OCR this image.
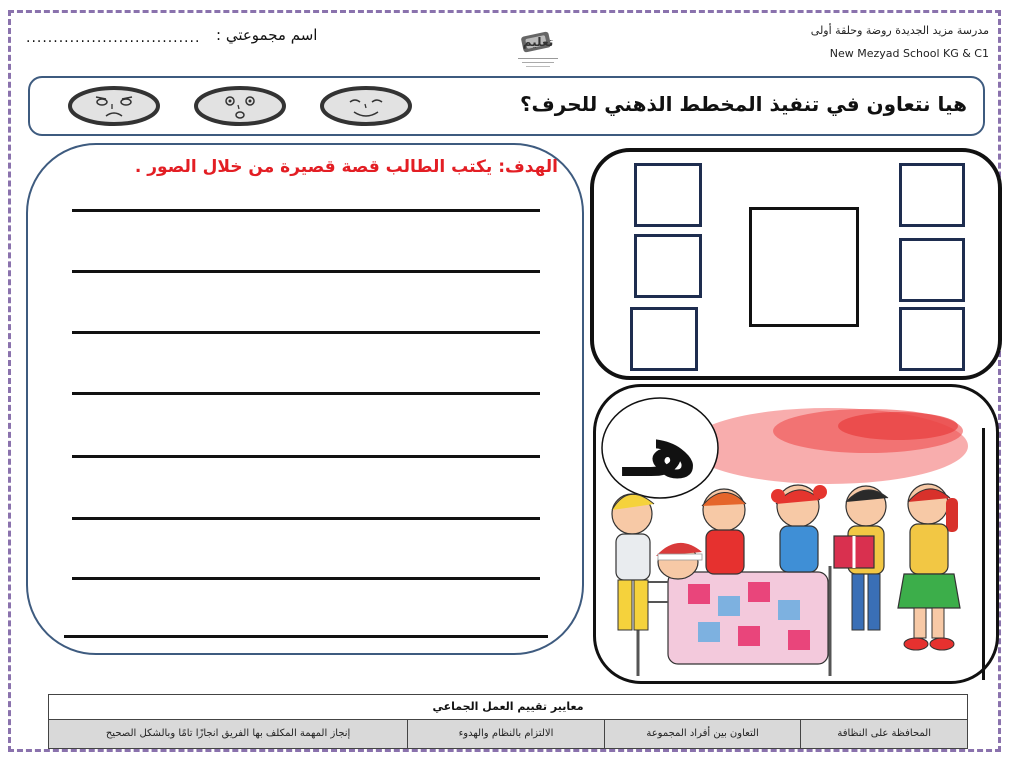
مدرسة مزيد الجديدة روضة وحلقة أولى
New Mezyad School KG & C1
تعليم
اسم مجموعتي :
................................
هيا نتعاون في تنفيذ المخطط الذهني للحرف؟
الهدف: يكتب الطالب قصة قصيرة من خلال الصور .
هـ
معايير تقييم العمل الجماعي
المحافظة على النظافة
التعاون بين أفراد المجموعة
الالتزام بالنظام والهدوء
إنجاز المهمة المكلف بها الفريق انجازًا تامًا وبالشكل الصحيح
